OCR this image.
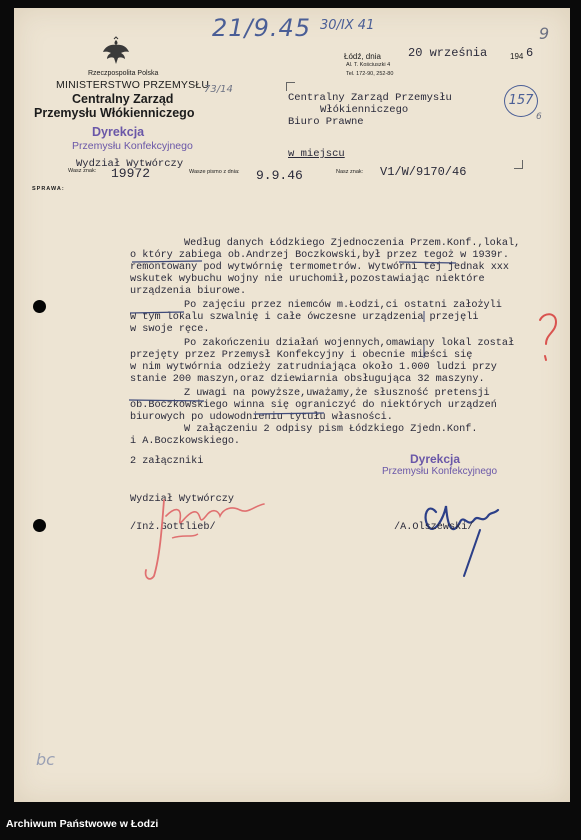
21/9.45 30/IX 41	9
Rzeczpospolita Polska
MINISTERSTWO PRZEMYSŁU
Centralny Zarząd
Przemysłu Włókienniczego
73/14
Dyrekcja
Przemysłu Konfekcyjnego
Wydział Wytwórczy
SPRAWA:
Wasz znak: 19972	Wasze pismo z dnia: 9.9.46	Nasz znak: V1/W/9170/46
Łódź, dnia 20 września	194 6
Al. T. Kościuszki 4
Tel. 172-90, 252-80
157
6
Centralny Zarząd Przemysłu
Włókienniczego
Biuro Prawne
w miejscu
Według danych Łódzkiego Zjednoczenia Przem.Konf.,lokal,
o który zabiega ob.Andrzej Boczkowski,był przez tegoż w 1939r.
remontowany pod wytwórnię termometrów. Wytwórni tej jednak xxx
wskutek wybuchu wojny nie uruchomił,pozostawiając niektóre
urządzenia biurowe.
Po zajęciu przez niemców m.Łodzi,ci ostatni założyli
w tym lokalu szwalnię i całe ówczesne urządzenia przejęli
w swoje ręce.
Po zakończeniu działań wojennych,omawiany lokal został
przejęty przez Przemysł Konfekcyjny i obecnie mieści się
w nim wytwórnia odzieży zatrudniająca około 1.000 ludzi przy
stanie 200 maszyn,oraz dziewiarnia obsługująca 32 maszyny.
Z uwagi na powyższe,uważamy,że słuszność pretensji
ob.Boczkowskiego winna się ograniczyć do niektórych urządzeń
biurowych po udowodnieniu tytułu własności.
W załączeniu 2 odpisy pism Łódzkiego Zjedn.Konf.
i A.Boczkowskiego.
2 załączniki	Dyrekcja
Przemysłu Konfekcyjnego
Wydział Wytwórczy
/Inż.Gottlieb/	/A.Olszewski/
bc
Archiwum Państwowe w Łodzi
